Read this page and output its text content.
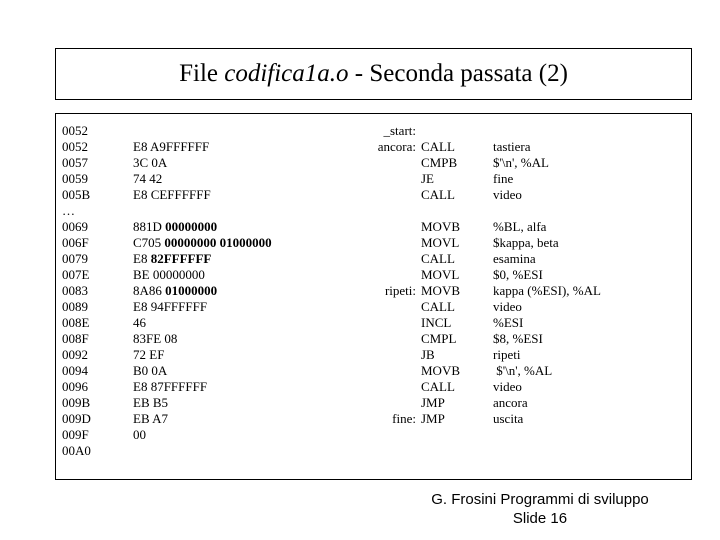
File codifica1a.o - Seconda passata (2)
0052
0052
0057
0059
005B
…
0069
006F
0079
007E
0083
0089
008E
008F
0092
0094
0096
009B
009D
009F
00A0
E8 A9FFFFFF
3C 0A
74 42
E8 CEFFFFFF
881D 00000000
C705 00000000 01000000
E8 82FFFFFF
BE 00000000
8A86 01000000
E8 94FFFFFF
46
83FE 08
72 EF
B0 0A
E8 87FFFFFF
EB B5
EB A7
00
_start:
ancora:
ripeti:
fine:
CALL
CMPB
JE
CALL
MOVB
MOVL
CALL
MOVL
MOVB
CALL
INCL
CMPL
JB
MOVB
CALL
JMP
JMP
tastiera
$'\n', %AL
fine
video
%BL, alfa
$kappa, beta
esamina
$0, %ESI
kappa (%ESI), %AL
video
%ESI
$8, %ESI
ripeti
$'\n', %AL
video
ancora
uscita
G. Frosini Programmi di sviluppo
Slide 16
